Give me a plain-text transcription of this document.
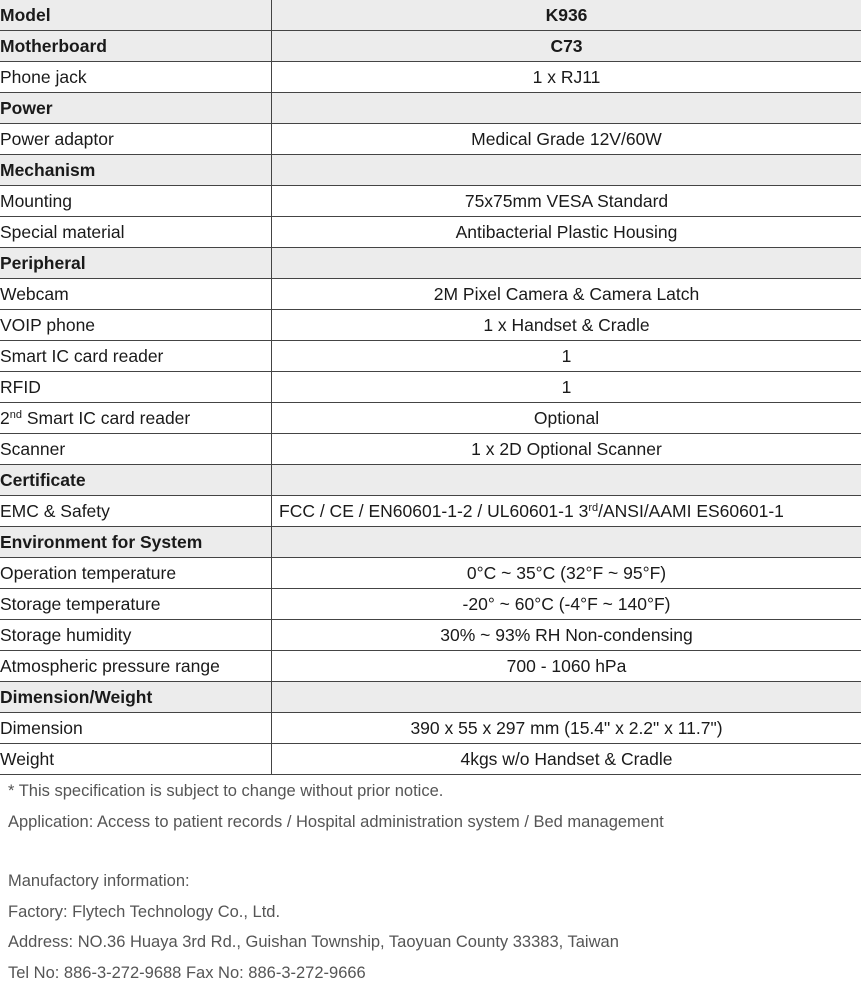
Model	K936
Motherboard	C73
Phone jack	1 x RJ11
Power	
Power adaptor	Medical Grade 12V/60W
Mechanism	
Mounting	75x75mm VESA Standard
Special material	Antibacterial Plastic Housing
Peripheral	
Webcam	2M Pixel Camera & Camera Latch
VOIP phone	1 x Handset & Cradle
Smart IC card reader	1
RFID	1
2nd Smart IC card reader	Optional
Scanner	1 x 2D Optional Scanner
Certificate	
EMC & Safety	FCC / CE / EN60601-1-2 / UL60601-1 3rd/ANSI/AAMI ES60601-1
Environment for System	
Operation temperature	0°C ~ 35°C (32°F ~ 95°F)
Storage temperature	-20° ~ 60°C (-4°F ~ 140°F)
Storage humidity	30% ~ 93% RH Non-condensing
Atmospheric pressure range	700 - 1060 hPa
Dimension/Weight	
Dimension	390 x 55 x 297 mm (15.4" x 2.2" x 11.7")
Weight	4kgs w/o Handset & Cradle
* This specification is subject to change without prior notice.
Application: Access to patient records / Hospital administration system / Bed management
Manufactory information:
Factory: Flytech Technology Co., Ltd.
Address: NO.36 Huaya 3rd Rd., Guishan Township, Taoyuan County 33383, Taiwan
Tel No: 886-3-272-9688 Fax No: 886-3-272-9666
